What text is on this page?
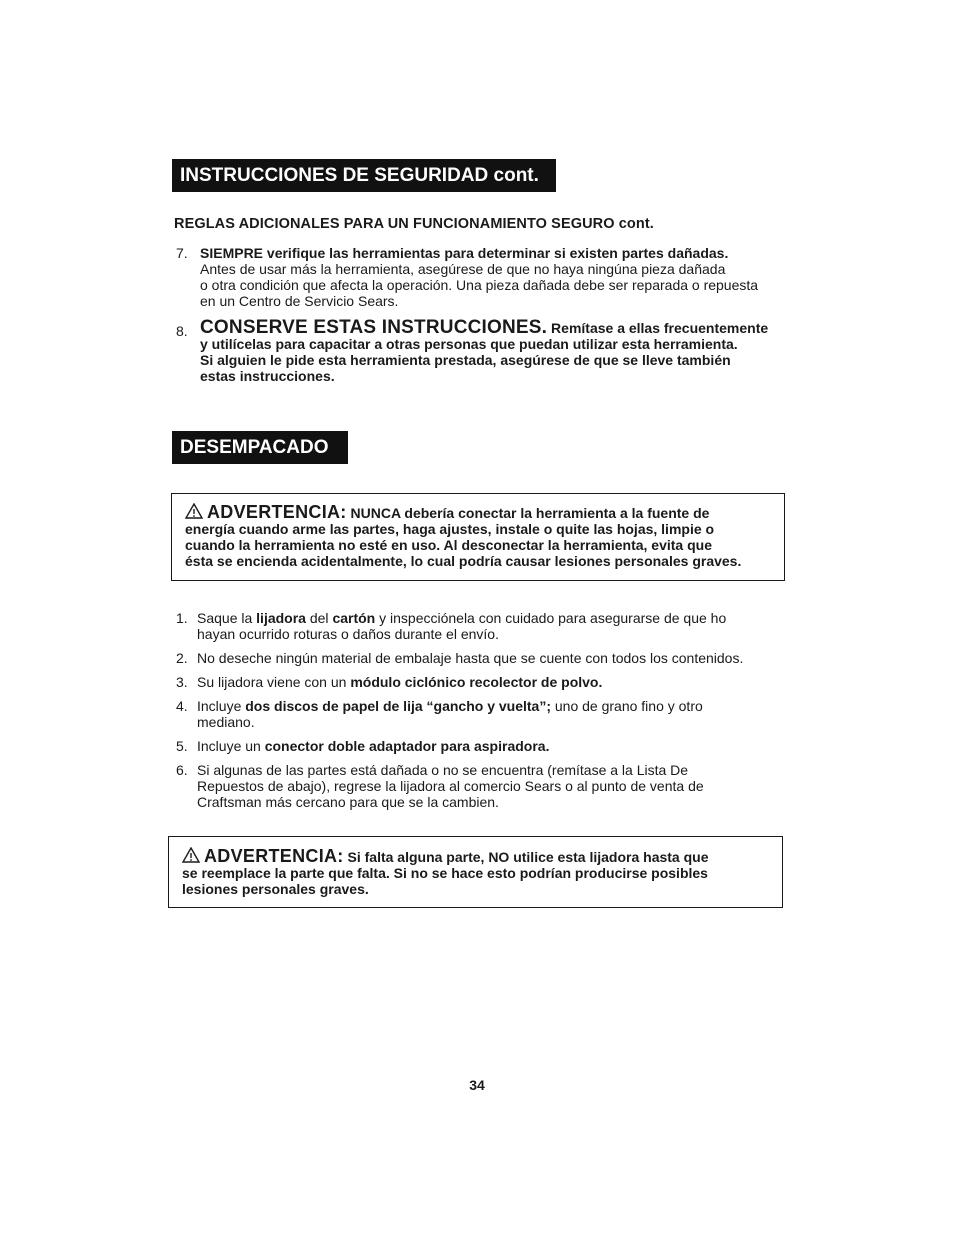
INSTRUCCIONES DE SEGURIDAD cont.
REGLAS ADICIONALES PARA UN FUNCIONAMIENTO SEGURO cont.
7. SIEMPRE verifique las herramientas para determinar si existen partes dañadas.
Antes de usar más la herramienta, asegúrese de que no haya ningúna pieza dañada
o otra condición que afecta la operación. Una pieza dañada debe ser reparada o repuesta
en un Centro de Servicio Sears.
8. CONSERVE ESTAS INSTRUCCIONES. Remítase a ellas frecuentemente
y utilícelas para capacitar a otras personas que puedan utilizar esta herramienta.
Si alguien le pide esta herramienta prestada, asegúrese de que se lleve también
estas instrucciones.
DESEMPACADO
ADVERTENCIA: NUNCA debería conectar la herramienta a la fuente de
energía cuando arme las partes, haga ajustes, instale o quite las hojas, limpie o
cuando la herramienta no esté en uso. Al desconectar la herramienta, evita que
ésta se encienda acidentalmente, lo cual podría causar lesiones personales graves.
1. Saque la lijadora del cartón y inspecciónela con cuidado para asegurarse de que ho
hayan ocurrido roturas o daños durante el envío.
2. No deseche ningún material de embalaje hasta que se cuente con todos los contenidos.
3. Su lijadora viene con un módulo ciclónico recolector de polvo.
4. Incluye dos discos de papel de lija “gancho y vuelta”; uno de grano fino y otro
mediano.
5. Incluye un conector doble adaptador para aspiradora.
6. Si algunas de las partes está dañada o no se encuentra (remítase a la Lista De
Repuestos de abajo), regrese la lijadora al comercio Sears o al punto de venta de
Craftsman más cercano para que se la cambien.
ADVERTENCIA: Si falta alguna parte, NO utilice esta lijadora hasta que
se reemplace la parte que falta. Si no se hace esto podrían producirse posibles
lesiones personales graves.
34
